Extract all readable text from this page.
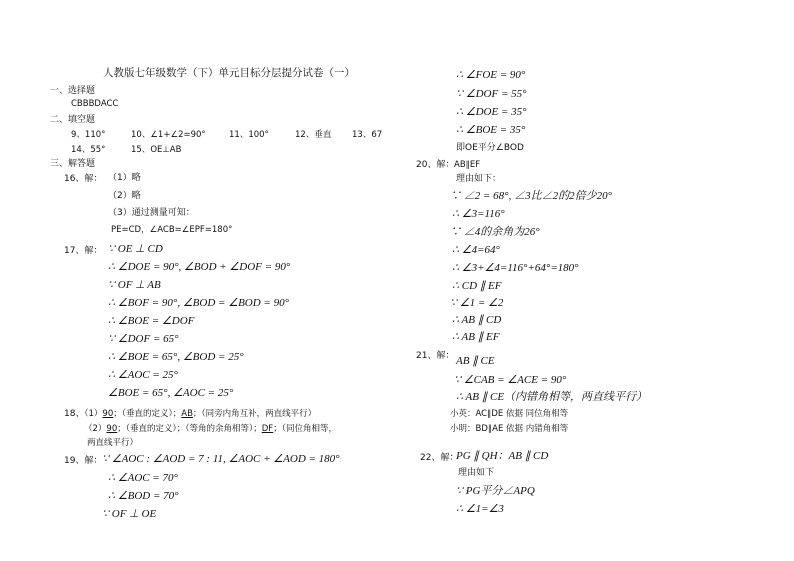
人教版七年级数学（下）单元目标分层提分试卷（一）
一、选择题
CBBBDACC
二、填空题
9、110°	10、∠1+∠2=90°	11、100°	12、垂直 13、67
14、55°	15、OE⊥AB
三、解答题
16、解： （1）略
（2）略
（3）通过测量可知：
PE=CD，∠ACB=∠EPF=180°
17、解： ∵ OE ⊥ CD
∴ ∠DOE = 90°, ∠BOD + ∠DOF = 90°
∵ OF ⊥ AB
∴ ∠BOF = 90°, ∠BOD = ∠BOD = 90°
∴ ∠BOE = ∠DOF
∵ ∠DOF = 65°
∴ ∠BOE = 65°, ∠BOD = 25°
∴ ∠AOC = 25°
∠BOE = 65°, ∠AOC = 25°
18、
（1）90；（垂直的定义）；AB；（同旁内角互补，两直线平行）
（2）90；（垂直的定义）；（等角的余角相等）；DF；（同位角相等，
两直线平行）
19、解： ∵ ∠AOC : ∠AOD = 7 : 11, ∠AOC + ∠AOD = 180°
∴ ∠AOC = 70°
∴ ∠BOD = 70°
∵ OF ⊥ OE
∴ ∠FOE = 90°
∵ ∠DOF = 55°
∴ ∠DOE = 35°
∴ ∠BOE = 35°
即OE平分∠BOD
20、解： AB∥EF
理由如下：
∵ ∠2 = 68°, ∠3比∠2的2倍少20°
∴ ∠3=116°
∵ ∠4的余角为26°
∴ ∠4=64°
∴ ∠3+∠4=116°+64°=180°
∴ CD ∥ EF
∵ ∠1 = ∠2
∴ AB ∥ CD
∴ AB ∥ EF
21、解： AB ∥ CE
∵ ∠CAB = ∠ACE = 90°
∴ AB ∥ CE（内错角相等，两直线平行）
小英：AC∥DE 依据 同位角相等
小明：BD∥AE 依据 内错角相等
22、解：
PG ∥ QH：AB ∥ CD
理由如下
∵ PG平分∠APQ
∴ ∠1=∠3
